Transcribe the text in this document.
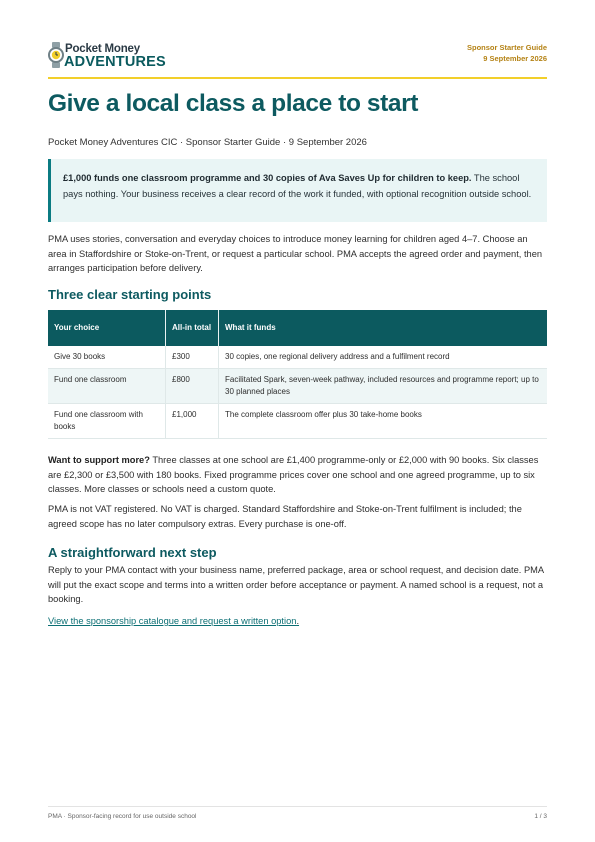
Pocket Money
ADVENTURES
Sponsor Starter Guide
9 September 2026
Give a local class a place to start
Pocket Money Adventures CIC · Sponsor Starter Guide · 9 September 2026
£1,000 funds one classroom programme and 30 copies of Ava Saves Up for children to keep. The school pays nothing. Your business receives a clear record of the work it funded, with optional recognition outside school.
PMA uses stories, conversation and everyday choices to introduce money learning for children aged 4–7. Choose an area in Staffordshire or Stoke-on-Trent, or request a particular school. PMA accepts the agreed order and payment, then arranges participation before delivery.
Three clear starting points
Your choice	All-in total	What it funds
Give 30 books	£300	30 copies, one regional delivery address and a fulfilment record
Fund one classroom	£800	Facilitated Spark, seven-week pathway, included resources and programme report; up to 30 planned places
Fund one classroom with books	£1,000	The complete classroom offer plus 30 take-home books
Want to support more? Three classes at one school are £1,400 programme-only or £2,000 with 90 books. Six classes are £2,300 or £3,500 with 180 books. Fixed programme prices cover one school and one agreed programme, up to six classes. More classes or schools need a custom quote.
PMA is not VAT registered. No VAT is charged. Standard Staffordshire and Stoke-on-Trent fulfilment is included; the agreed scope has no later compulsory extras. Every purchase is one-off.
A straightforward next step
Reply to your PMA contact with your business name, preferred package, area or school request, and decision date. PMA will put the exact scope and terms into a written order before acceptance or payment. A named school is a request, not a booking.
View the sponsorship catalogue and request a written option.
PMA · Sponsor-facing record for use outside school	1 / 3
